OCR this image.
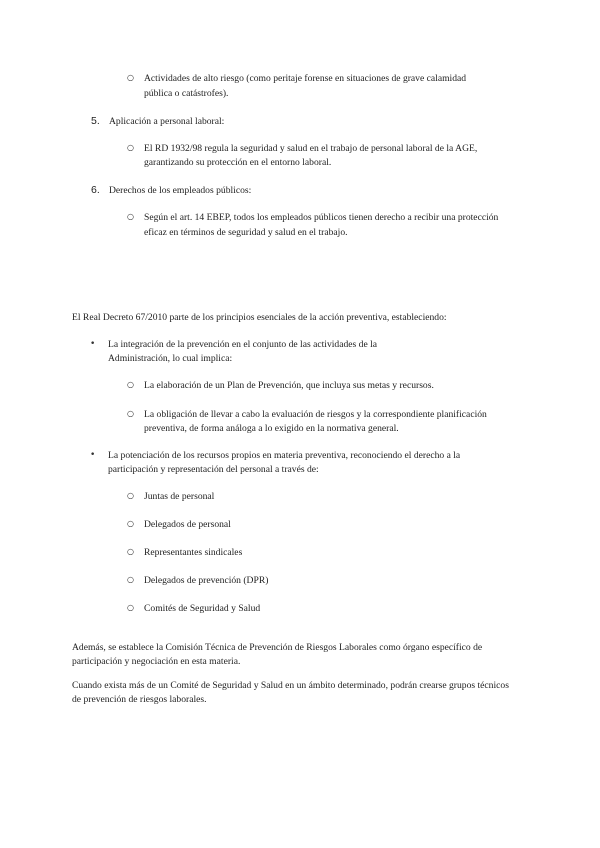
○ Actividades de alto riesgo (como peritaje forense en situaciones de grave calamidad
pública o catástrofes).
5. Aplicación a personal laboral:
○ El RD 1932/98 regula la seguridad y salud en el trabajo de personal laboral de la AGE,
garantizando su protección en el entorno laboral.
6. Derechos de los empleados públicos:
○ Según el art. 14 EBEP, todos los empleados públicos tienen derecho a recibir una protección
eficaz en términos de seguridad y salud en el trabajo.
El Real Decreto 67/2010 parte de los principios esenciales de la acción preventiva, estableciendo:
• La integración de la prevención en el conjunto de las actividades de la
Administración, lo cual implica:
○ La elaboración de un Plan de Prevención, que incluya sus metas y recursos.
○ La obligación de llevar a cabo la evaluación de riesgos y la correspondiente planificación
preventiva, de forma análoga a lo exigido en la normativa general.
• La potenciación de los recursos propios en materia preventiva, reconociendo el derecho a la
participación y representación del personal a través de:
○ Juntas de personal
○ Delegados de personal
○ Representantes sindicales
○ Delegados de prevención (DPR)
○ Comités de Seguridad y Salud
Además, se establece la Comisión Técnica de Prevención de Riesgos Laborales como órgano específico de
participación y negociación en esta materia.
Cuando exista más de un Comité de Seguridad y Salud en un ámbito determinado, podrán crearse grupos técnicos
de prevención de riesgos laborales.
